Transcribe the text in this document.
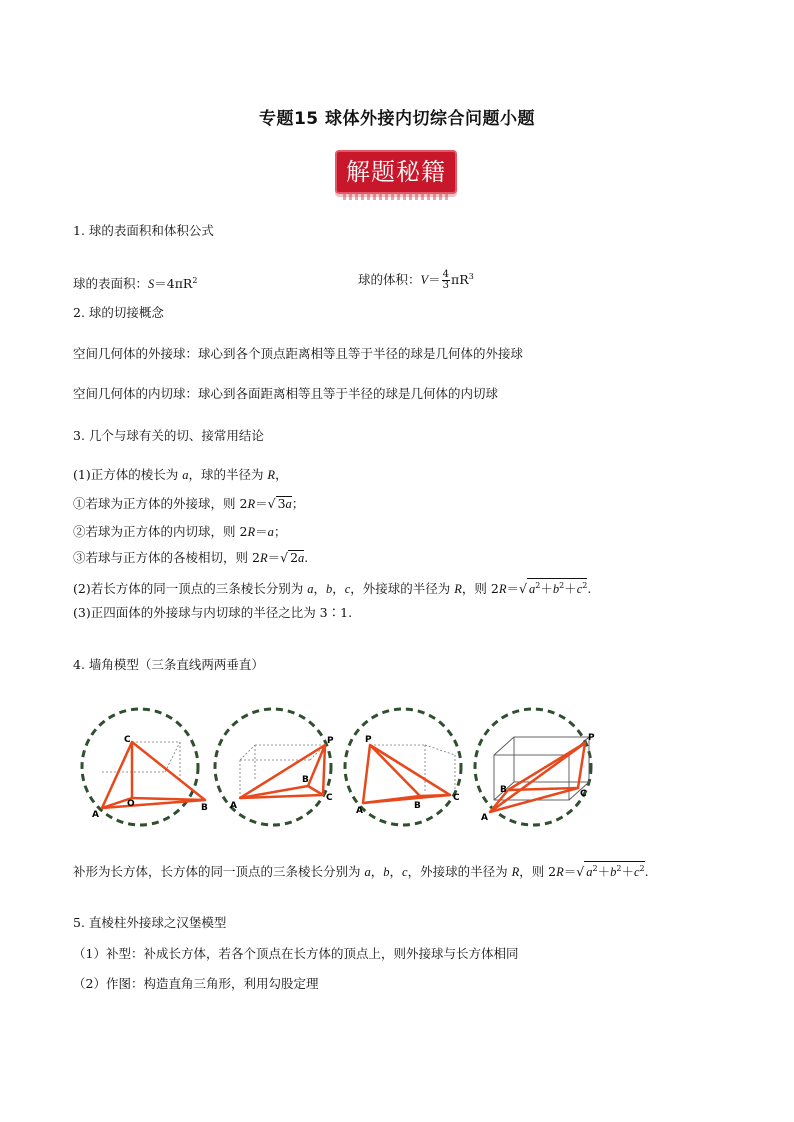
专题15 球体外接内切综合问题小题
解题秘籍
1. 球的表面积和体积公式
球的表面积：$S=4\pi R^2$	球的体积：$V= \frac{4}{3} \pi R^3$
2. 球的切接概念
空间几何体的外接球：球心到各个顶点距离相等且等于半径的球是几何体的外接球
空间几何体的内切球：球心到各面距离相等且等于半径的球是几何体的内切球
3. 几个与球有关的切、接常用结论
(1)正方体的棱长为 a，球的半径为 R，
①若球为正方体的外接球，则 2R＝√ 3a；
②若球为正方体的内切球，则 2R＝a；
③若球与正方体的各棱相切，则 2R＝√ 2a.
(2)若长方体的同一顶点的三条棱长分别为 a，b，c，外接球的半径为 R，则 2R＝√ $a^2+b^2+c^2$.
(3)正四面体的外接球与内切球的半径之比为 3∶1.
4. 墙角模型（三条直线两两垂直）
C
O
A
B
P
A
C
B
P
A	B
C
P
B
A
C
补形为长方体，长方体的同一顶点的三条棱长分别为 a，b，c，外接球的半径为 R，则 2R＝√ $a^2+b^2+c^2$.
5. 直棱柱外接球之汉堡模型
（1）补型：补成长方体，若各个顶点在长方体的顶点上，则外接球与长方体相同
（2）作图：构造直角三角形，利用勾股定理
